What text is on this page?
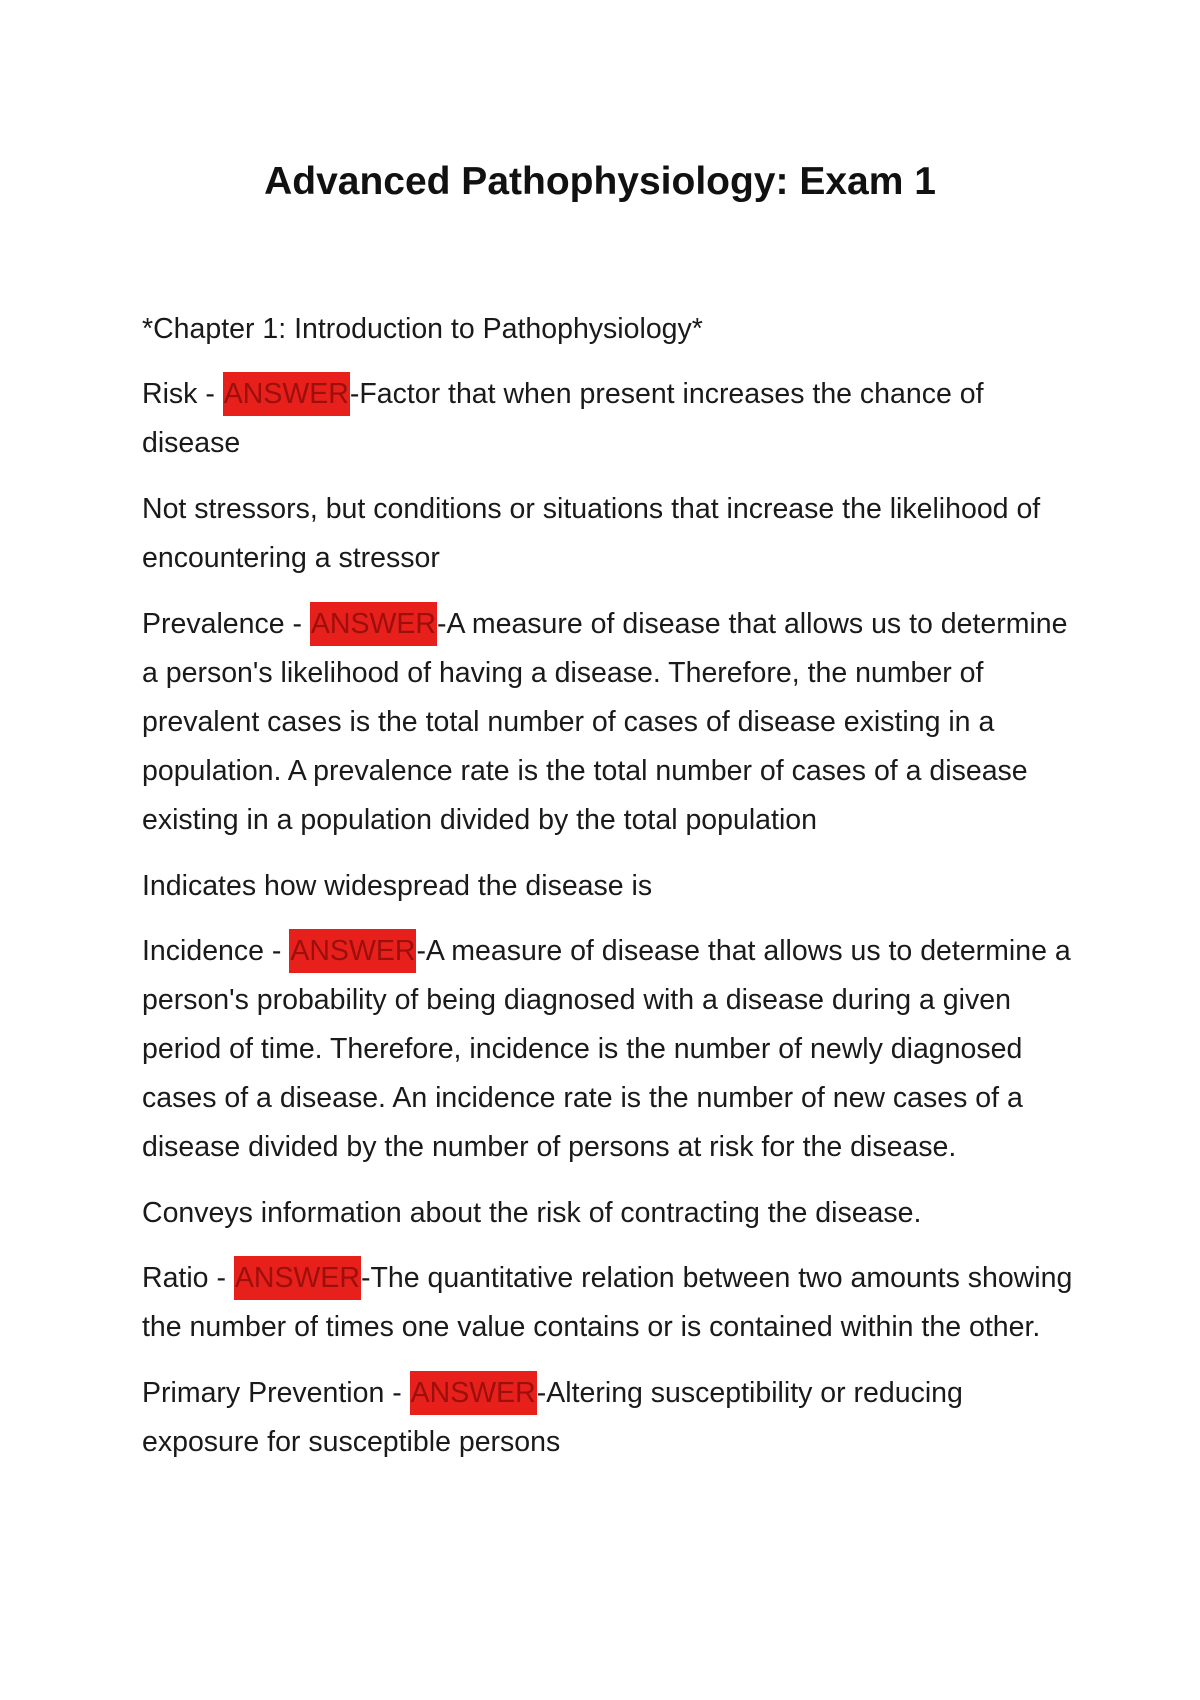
Advanced Pathophysiology: Exam 1

*Chapter 1: Introduction to Pathophysiology*

Risk - ANSWER-Factor that when present increases the chance of disease

Not stressors, but conditions or situations that increase the likelihood of encountering a stressor

Prevalence - ANSWER-A measure of disease that allows us to determine a person's likelihood of having a disease. Therefore, the number of prevalent cases is the total number of cases of disease existing in a population. A prevalence rate is the total number of cases of a disease existing in a population divided by the total population

Indicates how widespread the disease is

Incidence - ANSWER-A measure of disease that allows us to determine a person's probability of being diagnosed with a disease during a given period of time. Therefore, incidence is the number of newly diagnosed cases of a disease. An incidence rate is the number of new cases of a disease divided by the number of persons at risk for the disease.

Conveys information about the risk of contracting the disease.

Ratio - ANSWER-The quantitative relation between two amounts showing the number of times one value contains or is contained within the other.

Primary Prevention - ANSWER-Altering susceptibility or reducing exposure for susceptible persons
